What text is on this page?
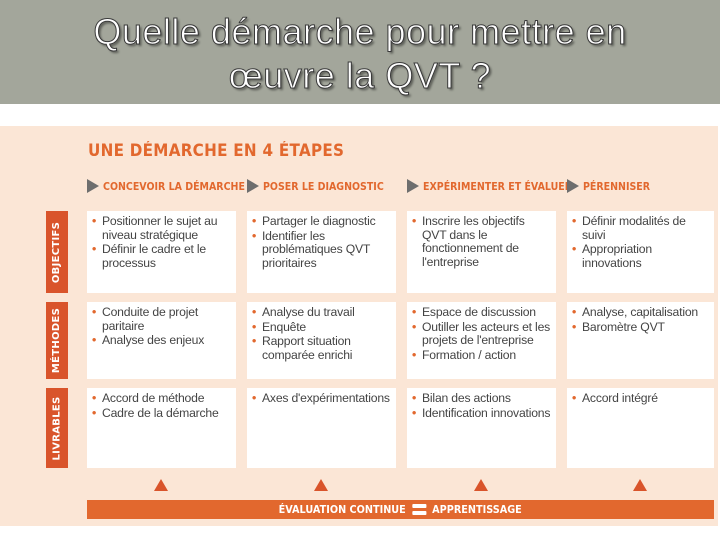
Quelle démarche pour mettre en
œuvre la QVT ?
UNE DÉMARCHE EN 4 ÉTAPES
CONCEVOIR LA DÉMARCHE POSER LE DIAGNOSTIC	EXPÉRIMENTER ET ÉVALUER PÉRENNISER
OBJECTIFS
MÉTHODES
LIVRABLES
• Positionner le sujet au niveau stratégique
• Définir le cadre et le processus
• Partager le diagnostic
• Identifier les problématiques QVT prioritaires
• Inscrire les objectifs QVT dans le fonctionnement de l'entreprise
• Définir modalités de suivi
• Appropriation innovations
• Conduite de projet paritaire
• Analyse des enjeux
• Analyse du travail
• Enquête
• Rapport situation comparée enrichi
• Espace de discussion
• Outiller les acteurs et les projets de l'entreprise
• Formation / action
• Analyse, capitalisation
• Baromètre QVT
• Accord de méthode
• Cadre de la démarche
• Axes d'expérimentations
•	Bilan des actions
• Identification innovations
• Accord intégré
ÉVALUATION CONTINUE APPRENTISSAGE
